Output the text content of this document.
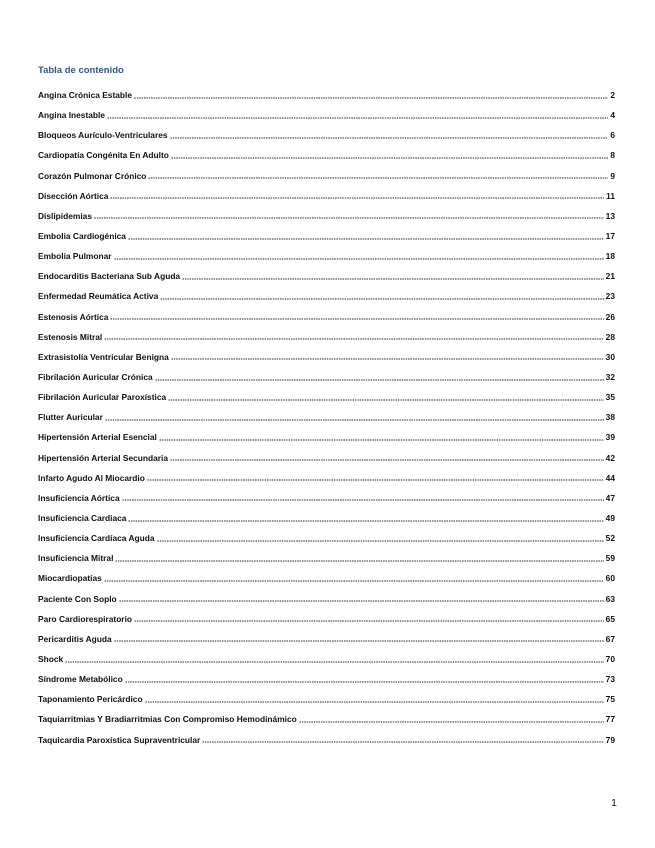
Tabla de contenido
Angina Crónica Estable	2
Angina Inestable	4
Bloqueos Aurículo-Ventriculares	6
Cardiopatía Congénita En Adulto	8
Corazón Pulmonar Crónico	9
Disección Aórtica	11
Dislipidemias	13
Embolia Cardiogénica	17
Embolia Pulmonar	18
Endocarditis Bacteriana Sub Aguda	21
Enfermedad Reumática Activa	23
Estenosis Aórtica	26
Estenosis Mitral	28
Extrasistolía Ventricular Benigna	30
Fibrilación Auricular Crónica	32
Fibrilación Auricular Paroxística	35
Flutter Auricular	38
Hipertensión Arterial Esencial	39
Hipertensión Arterial Secundaria	42
Infarto Agudo Al Miocardio	44
Insuficiencia Aórtica	47
Insuficiencia Cardiaca	49
Insuficiencia Cardíaca Aguda	52
Insuficiencia Mitral	59
Miocardiopatías	60
Paciente Con Soplo	63
Paro Cardiorespiratorio	65
Pericarditis Aguda	67
Shock	70
Síndrome Metabólico	73
Taponamiento Pericárdico	75
Taquiarritmias Y Bradiarritmias Con Compromiso Hemodinámico	77
Taquicardia Paroxística Supraventricular	79
1
